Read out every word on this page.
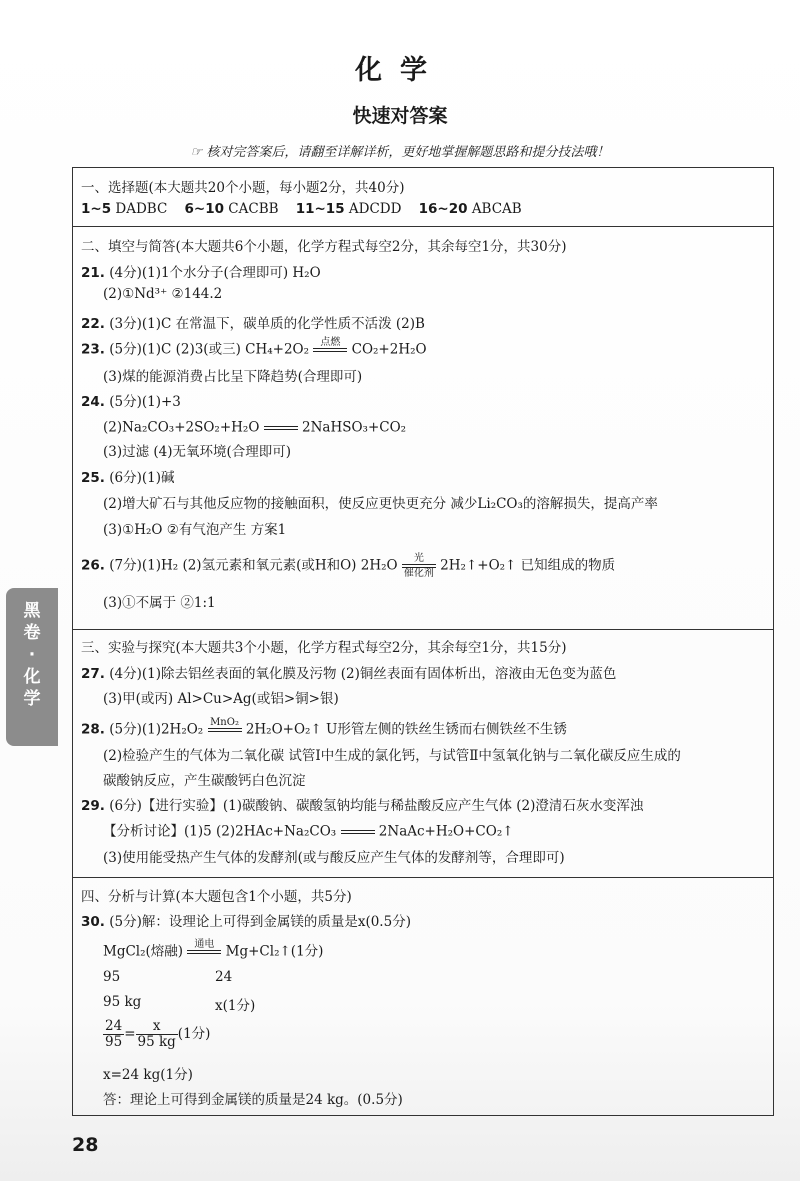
化学
快速对答案
☞ 核对完答案后，请翻至详解详析，更好地掌握解题思路和提分技法哦！
一、选择题(本大题共20个小题，每小题2分，共40分)
1~5 DADBC 6~10 CACBB 11~15 ADCDD 16~20 ABCAB
二、填空与简答(本大题共6个小题，化学方程式每空2分，其余每空1分，共30分)
21. (4分)(1)1个水分子(合理即可) H₂O
(2)①Nd³⁺ ②144.2
22. (3分)(1)C 在常温下，碳单质的化学性质不活泼 (2)B
23. (5分)(1)C (2)3(或三) CH₄+2O₂	点燃
CO₂+2H₂O
(3)煤的能源消费占比呈下降趋势(合理即可)
24. (5分)(1)+3
(2)Na₂CO₃+2SO₂+H₂O

	2NaHSO₃+CO₂
(3)过滤 (4)无氧环境(合理即可)
25. (6分)(1)碱
(2)增大矿石与其他反应物的接触面积，使反应更快更充分 减少Li₂CO₃的溶解损失，提高产率
(3)①H₂O ②有气泡产生 方案1
26. (7分)(1)H₂ (2)氢元素和氧元素(或H和O) 2H₂O	光
催化剂 2H₂↑+O₂↑ 已知组成的物质
(3)①不属于 ②1:1
三、实验与探究(本大题共3个小题，化学方程式每空2分，其余每空1分，共15分)
27. (4分)(1)除去铝丝表面的氧化膜及污物 (2)铜丝表面有固体析出，溶液由无色变为蓝色
(3)甲(或丙) Al>Cu>Ag(或铝>铜>银)
28. (5分)(1)2H₂O₂ MnO₂
2H₂O+O₂↑ U形管左侧的铁丝生锈而右侧铁丝不生锈
(2)检验产生的气体为二氧化碳 试管Ⅰ中生成的氯化钙，与试管Ⅱ中氢氧化钠与二氧化碳反应生成的
碳酸钠反应，产生碳酸钙白色沉淀
29. (6分)【进行实验】(1)碳酸钠、碳酸氢钠均能与稀盐酸反应产生气体 (2)澄清石灰水变浑浊
【分析讨论】(1)5 (2)2HAc+Na₂CO₃

	2NaAc+H₂O+CO₂↑
(3)使用能受热产生气体的发酵剂(或与酸反应产生气体的发酵剂等，合理即可)
四、分析与计算(本大题包含1个小题，共5分)
30. (5分)解：设理论上可得到金属镁的质量是x(0.5分)
MgCl₂(熔融)	通电
Mg+Cl₂↑(1分)
95	24
95 kg	x(1分)
$\frac{24}{95} = \frac{x}{95 kg} (1$分)
x=24 kg(1分)
答：理论上可得到金属镁的质量是24 kg。(0.5分)
黑
卷
·
化
学
28
